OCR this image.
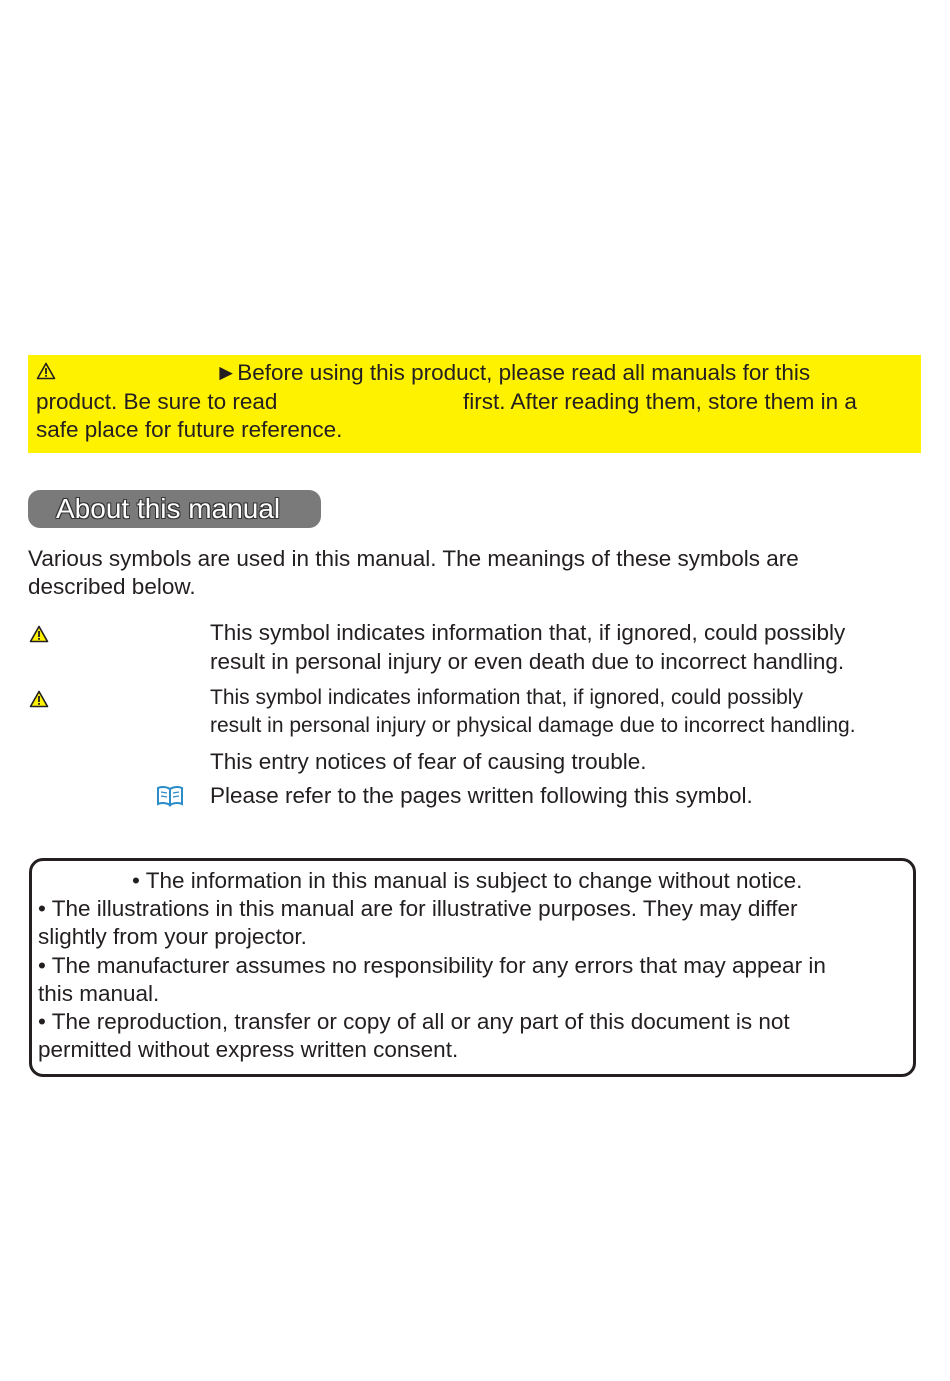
►Before using this product, please read all manuals for this
product. Be sure to read	first. After reading them, store them in a
safe place for future reference.
About this manual
Various symbols are used in this manual. The meanings of these symbols are
described below.
This symbol indicates information that, if ignored, could possibly
result in personal injury or even death due to incorrect handling.
This symbol indicates information that, if ignored, could possibly
result in personal injury or physical damage due to incorrect handling.
This entry notices of fear of causing trouble.
Please refer to the pages written following this symbol.
• The information in this manual is subject to change without notice.
• The illustrations in this manual are for illustrative purposes. They may differ
slightly from your projector.
• The manufacturer assumes no responsibility for any errors that may appear in
this manual.
• The reproduction, transfer or copy of all or any part of this document is not
permitted without express written consent.
